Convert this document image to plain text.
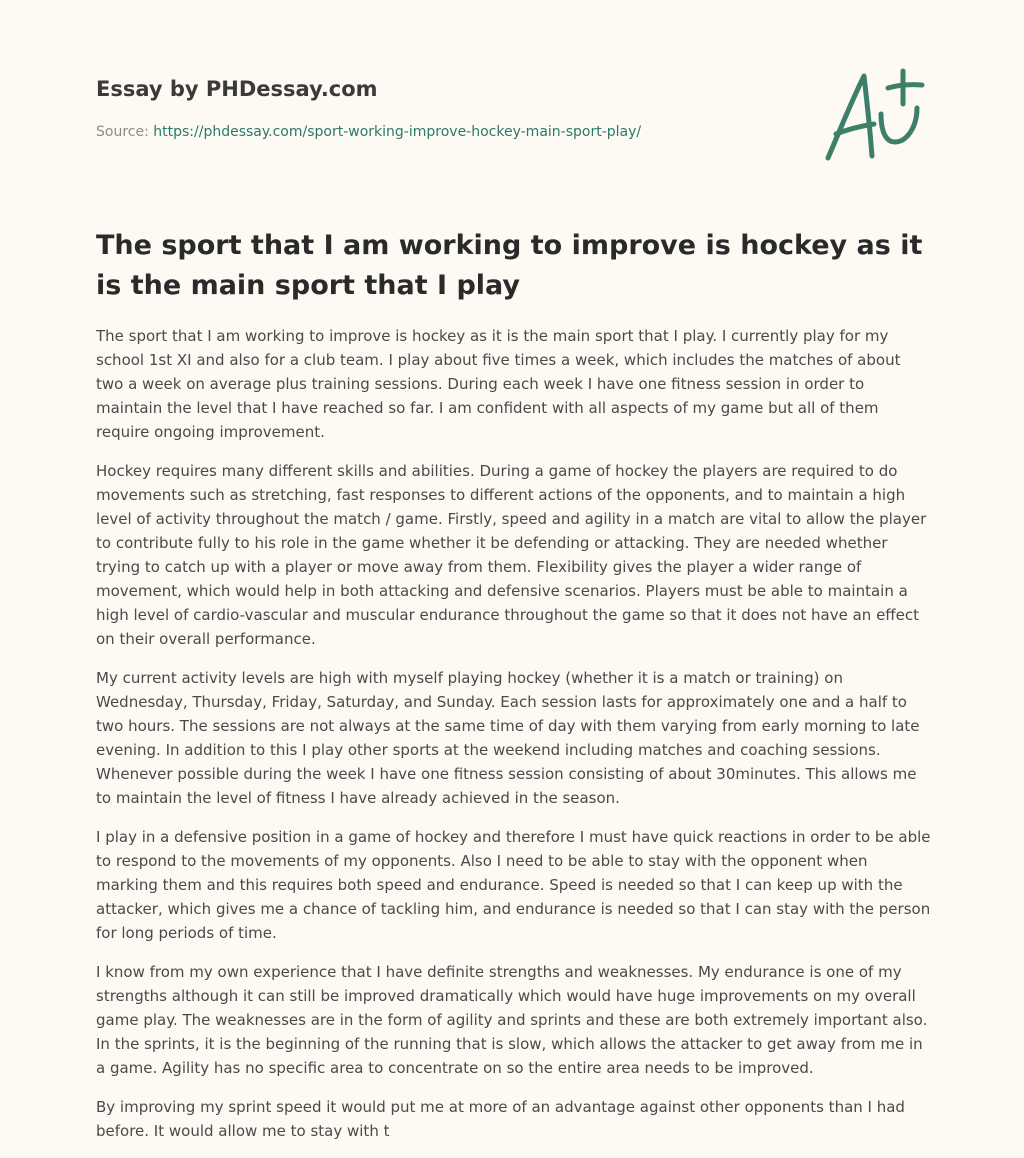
Essay by PHDessay.com
Source: https://phdessay.com/sport-working-improve-hockey-main-sport-play/
The sport that I am working to improve is hockey as it is the main sport that I play

The sport that I am working to improve is hockey as it is the main sport that I play. I currently play for my school 1st XI and also for a club team. I play about five times a week, which includes the matches of about two a week on average plus training sessions. During each week I have one fitness session in order to maintain the level that I have reached so far. I am confident with all aspects of my game but all of them require ongoing improvement.

Hockey requires many different skills and abilities. During a game of hockey the players are required to do movements such as stretching, fast responses to different actions of the opponents, and to maintain a high level of activity throughout the match / game. Firstly, speed and agility in a match are vital to allow the player to contribute fully to his role in the game whether it be defending or attacking. They are needed whether trying to catch up with a player or move away from them. Flexibility gives the player a wider range of movement, which would help in both attacking and defensive scenarios. Players must be able to maintain a high level of cardio-vascular and muscular endurance throughout the game so that it does not have an effect on their overall performance.

My current activity levels are high with myself playing hockey (whether it is a match or training) on Wednesday, Thursday, Friday, Saturday, and Sunday. Each session lasts for approximately one and a half to two hours. The sessions are not always at the same time of day with them varying from early morning to late evening. In addition to this I play other sports at the weekend including matches and coaching sessions. Whenever possible during the week I have one fitness session consisting of about 30minutes. This allows me to maintain the level of fitness I have already achieved in the season.

I play in a defensive position in a game of hockey and therefore I must have quick reactions in order to be able to respond to the movements of my opponents. Also I need to be able to stay with the opponent when marking them and this requires both speed and endurance. Speed is needed so that I can keep up with the attacker, which gives me a chance of tackling him, and endurance is needed so that I can stay with the person for long periods of time.

I know from my own experience that I have definite strengths and weaknesses. My endurance is one of my strengths although it can still be improved dramatically which would have huge improvements on my overall game play. The weaknesses are in the form of agility and sprints and these are both extremely important also. In the sprints, it is the beginning of the running that is slow, which allows the attacker to get away from me in a game. Agility has no specific area to concentrate on so the entire area needs to be improved.

By improving my sprint speed it would put me at more of an advantage against other opponents than I had before. It would allow me to stay with t
